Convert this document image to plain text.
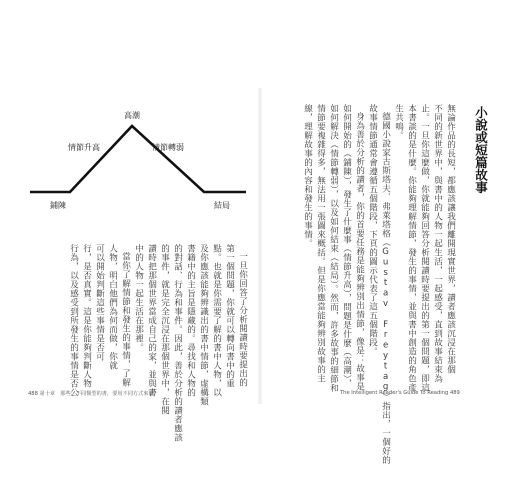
高潮
情節升高	情節轉弱
鋪陳	結局
小說或短篇故事
無論作品的長短，都應該讓我們離開現實世界，讀者應該沉浸在那個
不同的新世界中，與書中的人物一起生活，一起感受，直到故事結束為
止。一旦你這麼做，你就能夠回答分析閱讀時要提出的第一個問題，即這
本書談的是什麼。你能夠理解情節，發生的事情，並與書中創造的角色產
生共鳴。
德國小說家古斯塔夫．弗萊塔格（Gustav Freytag）指出，一個好的
故事情節通常會遵循五個階段，下頁的圖示代表了這五個階段。
身為善於分析的讀者，你的首要任務是能夠辨別出情節，像是：故事是
如何開始的（鋪陳），發生了什麼事（情節升高），問題是什麼（高潮），
如何解決（情節轉弱），以及如何結束（結局）。然而，許多故事的細節和
情節要複雜得多，無法用一張圖來概括。但是你應當能夠辨別故事的主
線，理解故事的內容和發生的事情。
一旦你回答了分析閱讀時要提出的
第一個問題，你就可以轉向書中的重
點。也就是你需要了解的書中人物，以
及你應該能夠辨識出的書中情節，虛構類
書籍中的主旨是隱藏的。尋找和人物的
的對話、行為和事件。因此，善於分析的讀者應該
的事件，就是完全沉浸在那個世界中，在閱
讀時把那個世界當成自己的家，並與書
中的人物一起生活在那裡。
當你了解情節和發生的事情，了解
人物，明白他們為何而做，你就
可以開始判斷這些事情是否可
行，是否真實。這是你能夠判斷人物
行為，以及感受到所發生的事情是否公
488 第十章　那些，不同類型的書，要用不同方式來讀？	The Intelligent Reader's Guide To Reading 489
